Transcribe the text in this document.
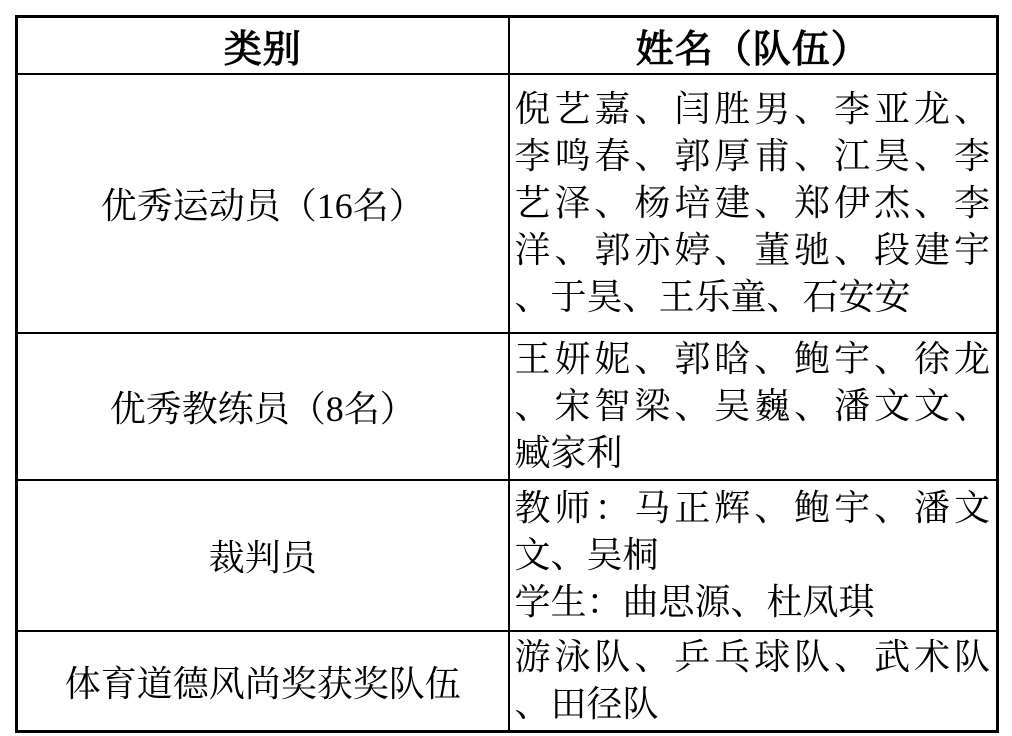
类别	姓名（队伍）
优秀运动员（16名）	倪艺嘉、闫胜男、李亚龙、
李鸣春、郭厚甫、江昊、李
艺泽、杨培建、郑伊杰、李
洋、郭亦婷、董驰、段建宇
、于昊、王乐童、石安安

优秀教练员（8名）	王妍妮、郭晗、鲍宇、徐龙
、宋智梁、吴巍、潘文文、
臧家利

裁判员	教师：马正辉、鲍宇、潘文
文、吴桐
学生：曲思源、杜凤琪

体育道德风尚奖获奖队伍	游泳队、乒乓球队、武术队
、田径队
